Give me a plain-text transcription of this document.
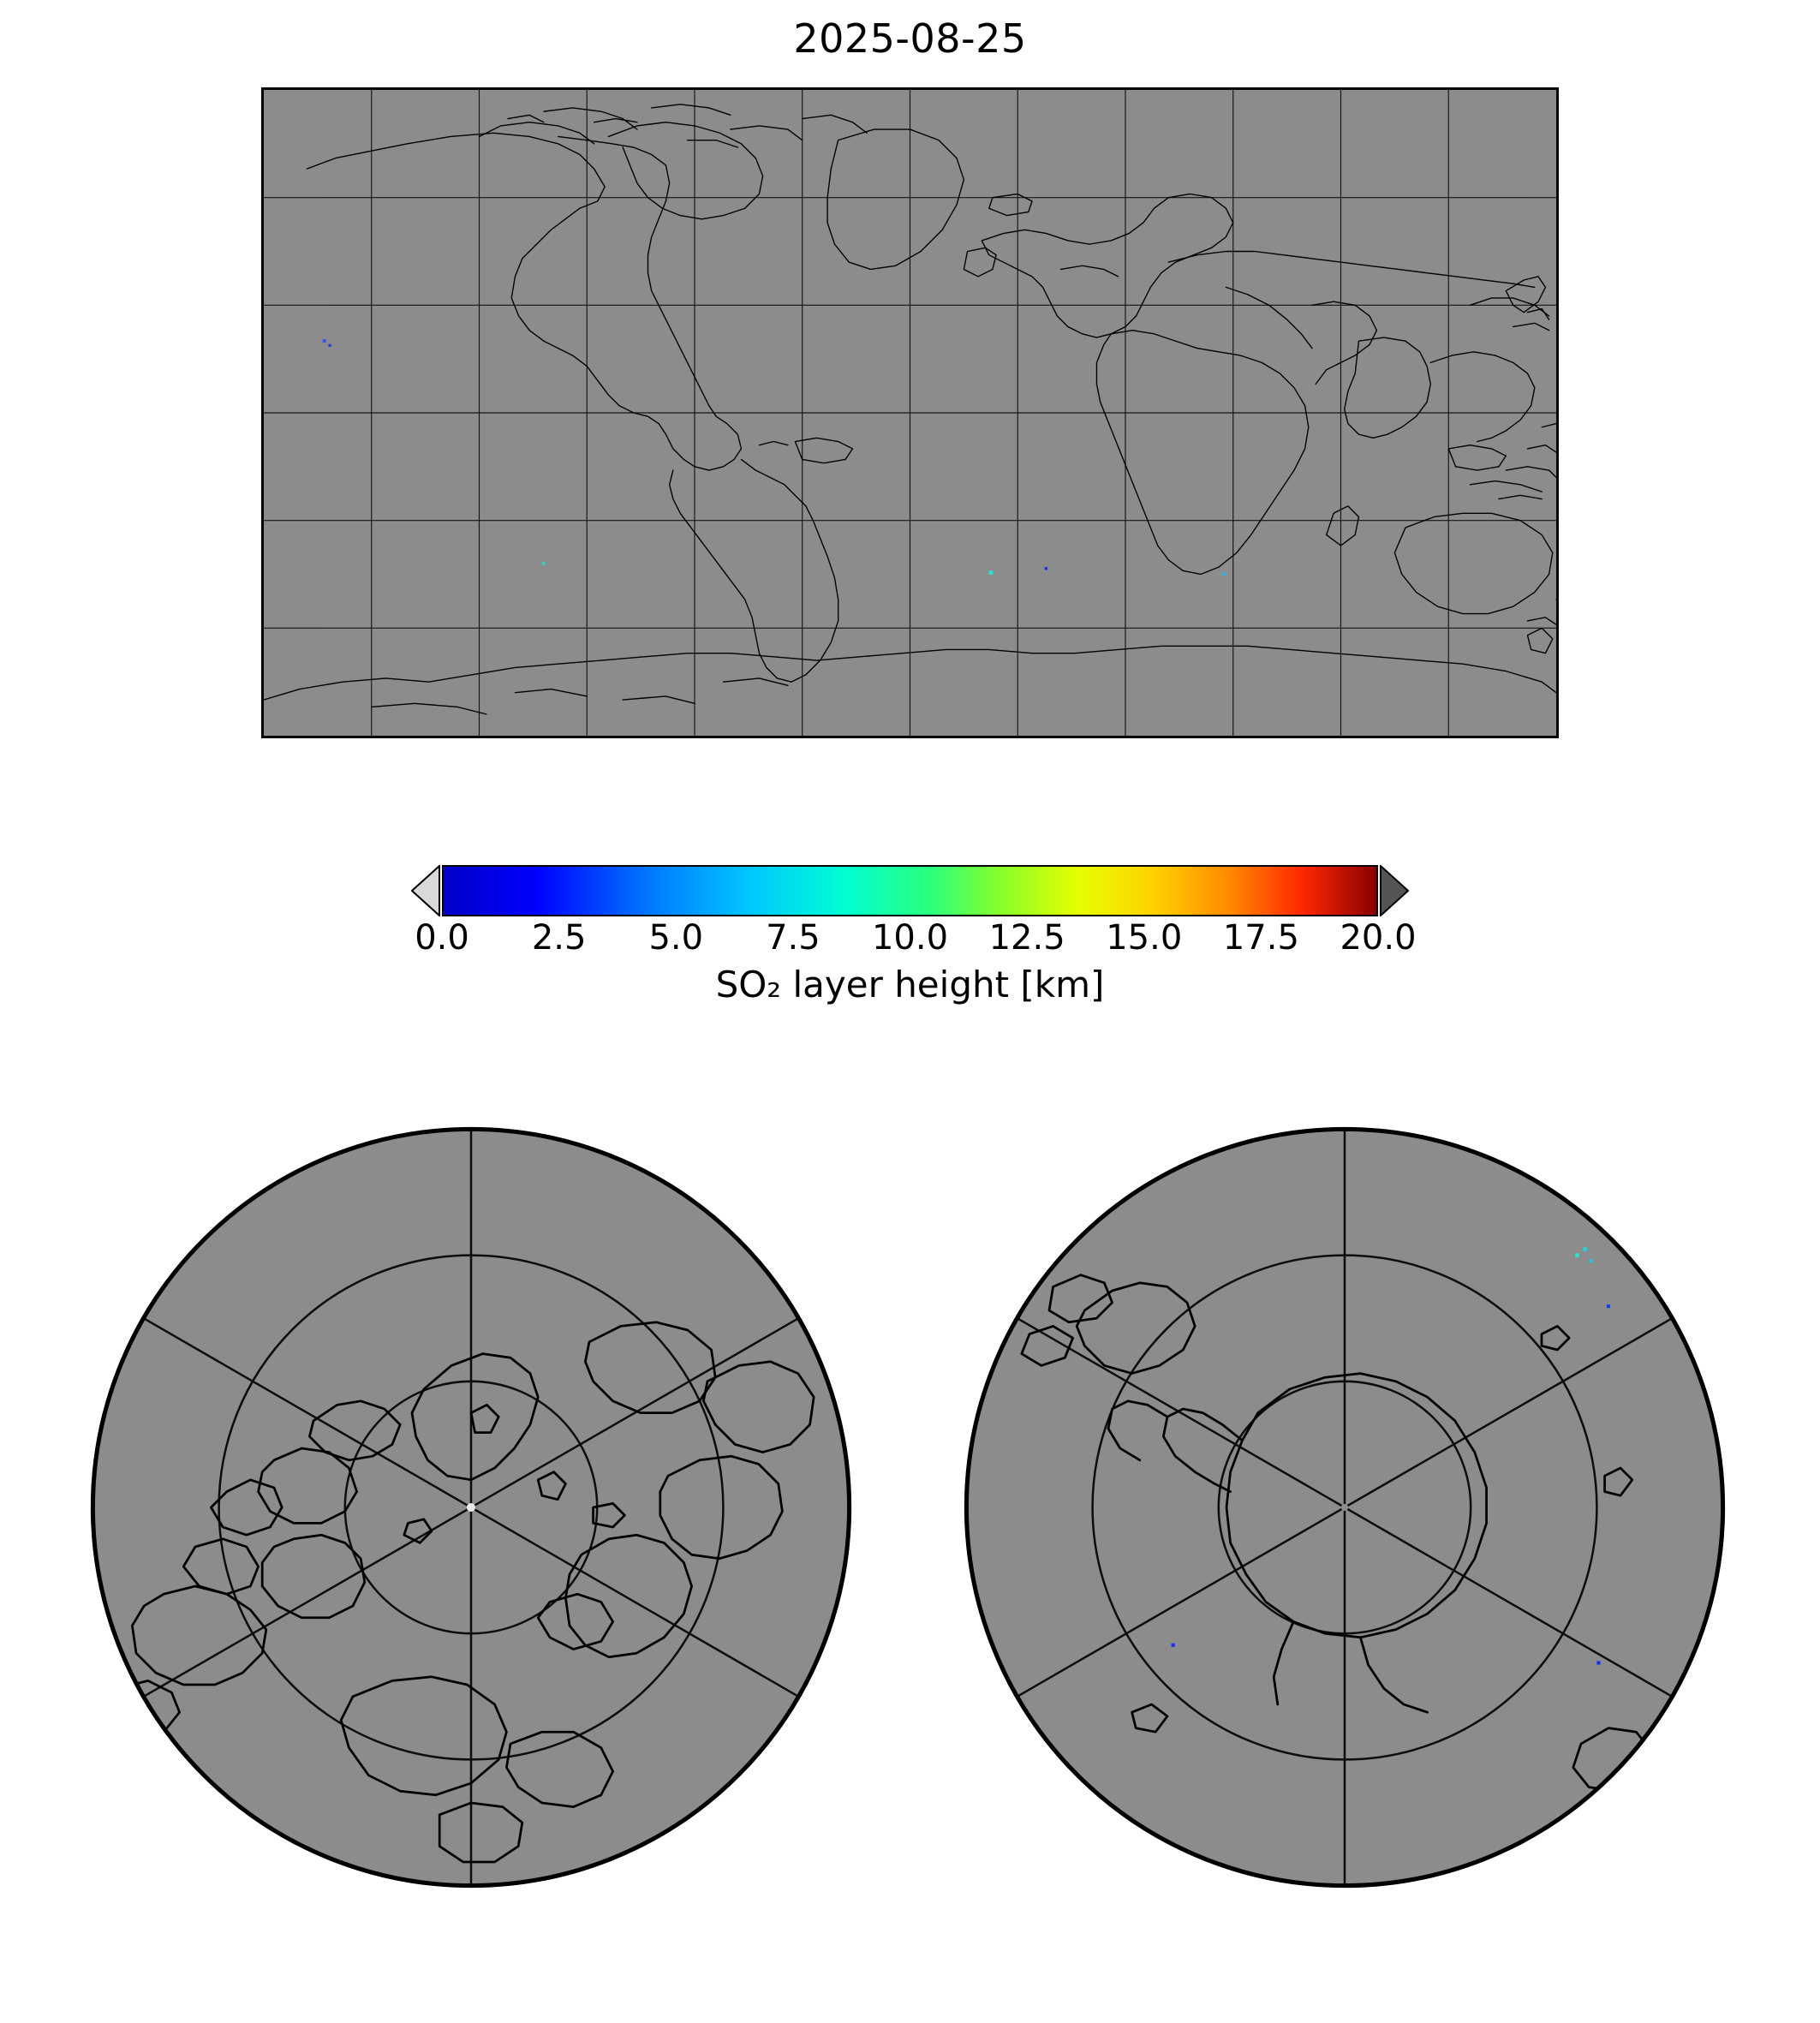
2025-08-25
0.0 2.5 5.0 7.5 10.0 12.5 15.0 17.5 20.0
SO₂ layer height [km]
